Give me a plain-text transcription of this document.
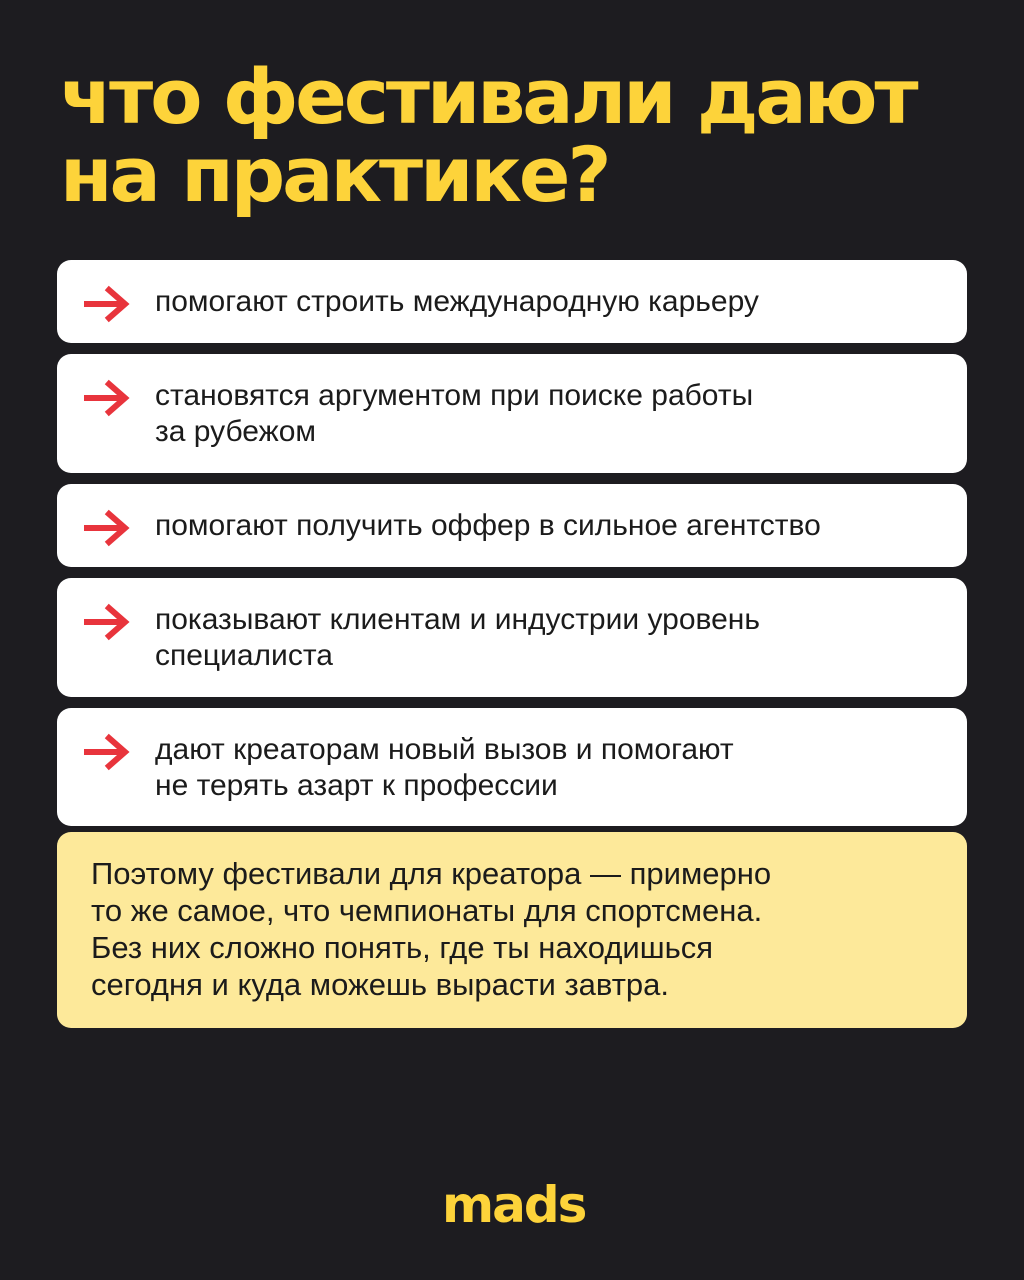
что фестивали дают
на практике?
помогают строить международную карьеру
становятся аргументом при поиске работы
за рубежом
помогают получить оффер в сильное агентство
показывают клиентам и индустрии уровень
специалиста
дают креаторам новый вызов и помогают
не терять азарт к профессии
Поэтому фестивали для креатора — примерно
то же самое, что чемпионаты для спортсмена.
Без них сложно понять, где ты находишься
сегодня и куда можешь вырасти завтра.
mads
